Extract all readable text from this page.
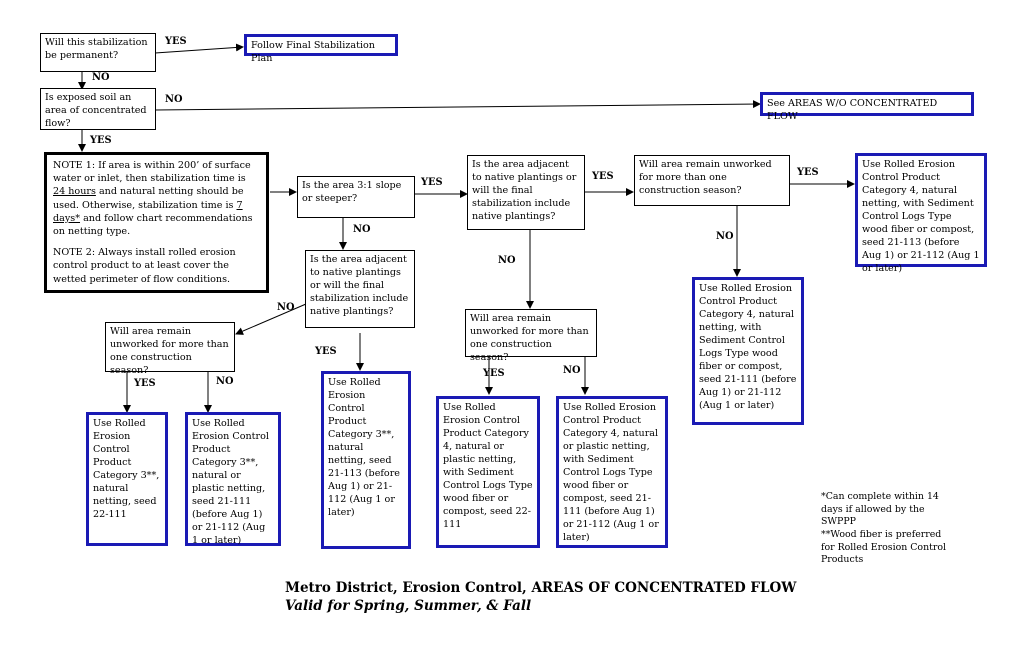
Will this stabilization be permanent?
Follow Final Stabilization Plan
Is exposed soil an area of concentrated flow?
See AREAS W/O CONCENTRATED FLOW
NOTE 1: If area is within 200’ of surface water or inlet, then stabilization time is 24 hours and natural netting should be used. Otherwise, stabilization time is 7 days* and follow chart recommendations on netting type.
NOTE 2: Always install rolled erosion control product to at least cover the wetted perimeter of flow conditions.
Is the area 3:1 slope or steeper?
Is the area adjacent to native plantings or will the final stabilization include native plantings?
Will area remain unworked for more than one construction season?
Use Rolled Erosion Control Product Category 4, natural netting, with Sediment Control Logs Type wood fiber or compost, seed 21-113 (before Aug 1) or 21-112 (Aug 1 or later)
Is the area adjacent to native plantings or will the final stabilization include native plantings?
Will area remain unworked for more than one construction season?
Use Rolled Erosion Control Product Category 4, natural netting, with Sediment Control Logs Type wood fiber or compost, seed 21-111 (before Aug 1) or 21-112 (Aug 1 or later)
Will area remain unworked for more than one construction season?
Use Rolled Erosion Control Product Category 3**, natural netting, seed 21-113 (before Aug 1) or 21-112 (Aug 1 or later)
Use Rolled Erosion Control Product Category 4, natural or plastic netting, with Sediment Control Logs Type wood fiber or compost, seed 22-111
Use Rolled Erosion Control Product Category 4, natural or plastic netting, with Sediment Control Logs Type wood fiber or compost, seed 21-111 (before Aug 1) or 21-112 (Aug 1 or later)
Use Rolled Erosion Control Product Category 3**, natural netting, seed 22-111
Use Rolled Erosion Control Product Category 3**, natural or plastic netting, seed 21-111 (before Aug 1) or 21-112 (Aug 1 or later)
YES
NO
NO
YES
YES
NO
YES
NO
YES
NO
NO
YES
YES	NO
YES	NO
*Can complete within 14 days if allowed by the SWPPP
**Wood fiber is preferred for Rolled Erosion Control Products
Metro District, Erosion Control, AREAS OF CONCENTRATED FLOW
Valid for Spring, Summer, & Fall
